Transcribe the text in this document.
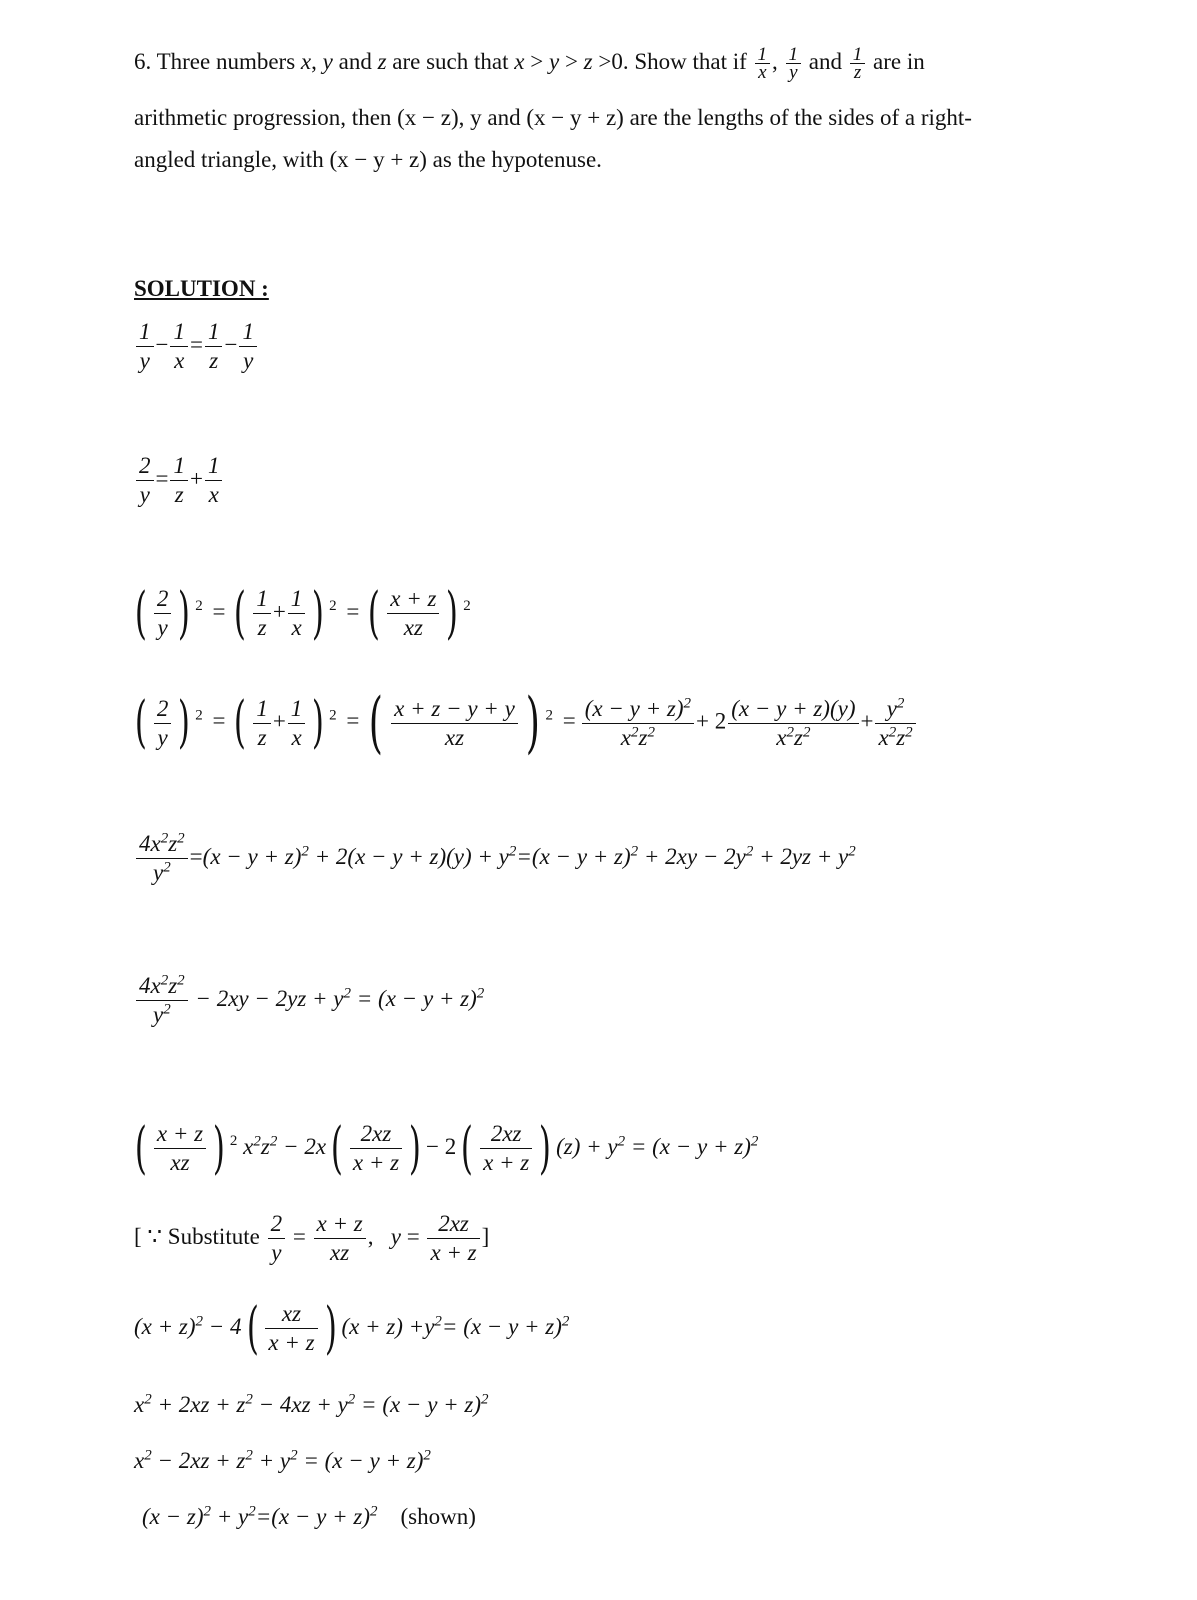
6. Three numbers x, y and z are such that x > y > z >0. Show that if $\frac{1}{x}$ , $\frac{1}{y}$ and $\frac{1}{z}$ are in
arithmetic progression, then (x − z), y and (x − y + z) are the lengths of the sides of a right-
angled triangle, with (x − y + z) as the hypotenuse.
SOLUTION :
$\frac{1}{y} - \frac{1}{x} = \frac{1}{z} - \frac{1}{y}$
$\frac{2}{y} = \frac{1}{z} + \frac{1}{x}$
( $\frac{2}{y}$ ) $^2$ = ( $\frac{1}{z} + \frac{1}{x}$ ) $^2$ = ( $\frac{x + z}{xz}$ ) $^2$
( $\frac{2}{y}$ ) $^2$ = ( $\frac{1}{z} + \frac{1}{x}$ ) $^2$ = ( $\frac{x + z - y + y}{xz}$ ) $^2 = \frac{(x - y + z)^2}{x^2z^2} + 2 \frac{(x - y + z)(y)}{x^2z^2} + \frac{y^2}{x^2z^2}$
$\frac{4x^2z^2}{y^2} =(x - y + z)^2 + 2(x - y + z)(y) + y^2=(x - y + z)^2 + 2xy - 2y^2 + 2yz + y^2$
$\frac{4x^2z^2}{y^2} - 2xy - 2yz + y^2 = (x - y + z)^2$
( $\frac{x + z}{xz}$ ) $^2$ $x^2z^2 - 2x( \frac{2xz}{x + z}$ ) − $2( \frac{2xz}{x + z}$ ) $(z) + y^2 = (x - y + z)^2$
[ ∵ Substitute $\frac{2}{y} = \frac{x + z}{xz}$ ,   $y = \frac{2xz}{x + z}$ ]
$(x + z)^2 - 4( \frac{xz}{x + z}$ ) $(x + z) +y^2= (x - y + z)^2$
$x^2 + 2xz + z^2 - 4xz + y^2 = (x - y + z)^2$
$x^2 - 2xz + z^2 + y^2 = (x - y + z)^2$
$(x - z)^2 + y^2=(x - y + z)^2$ (shown)
